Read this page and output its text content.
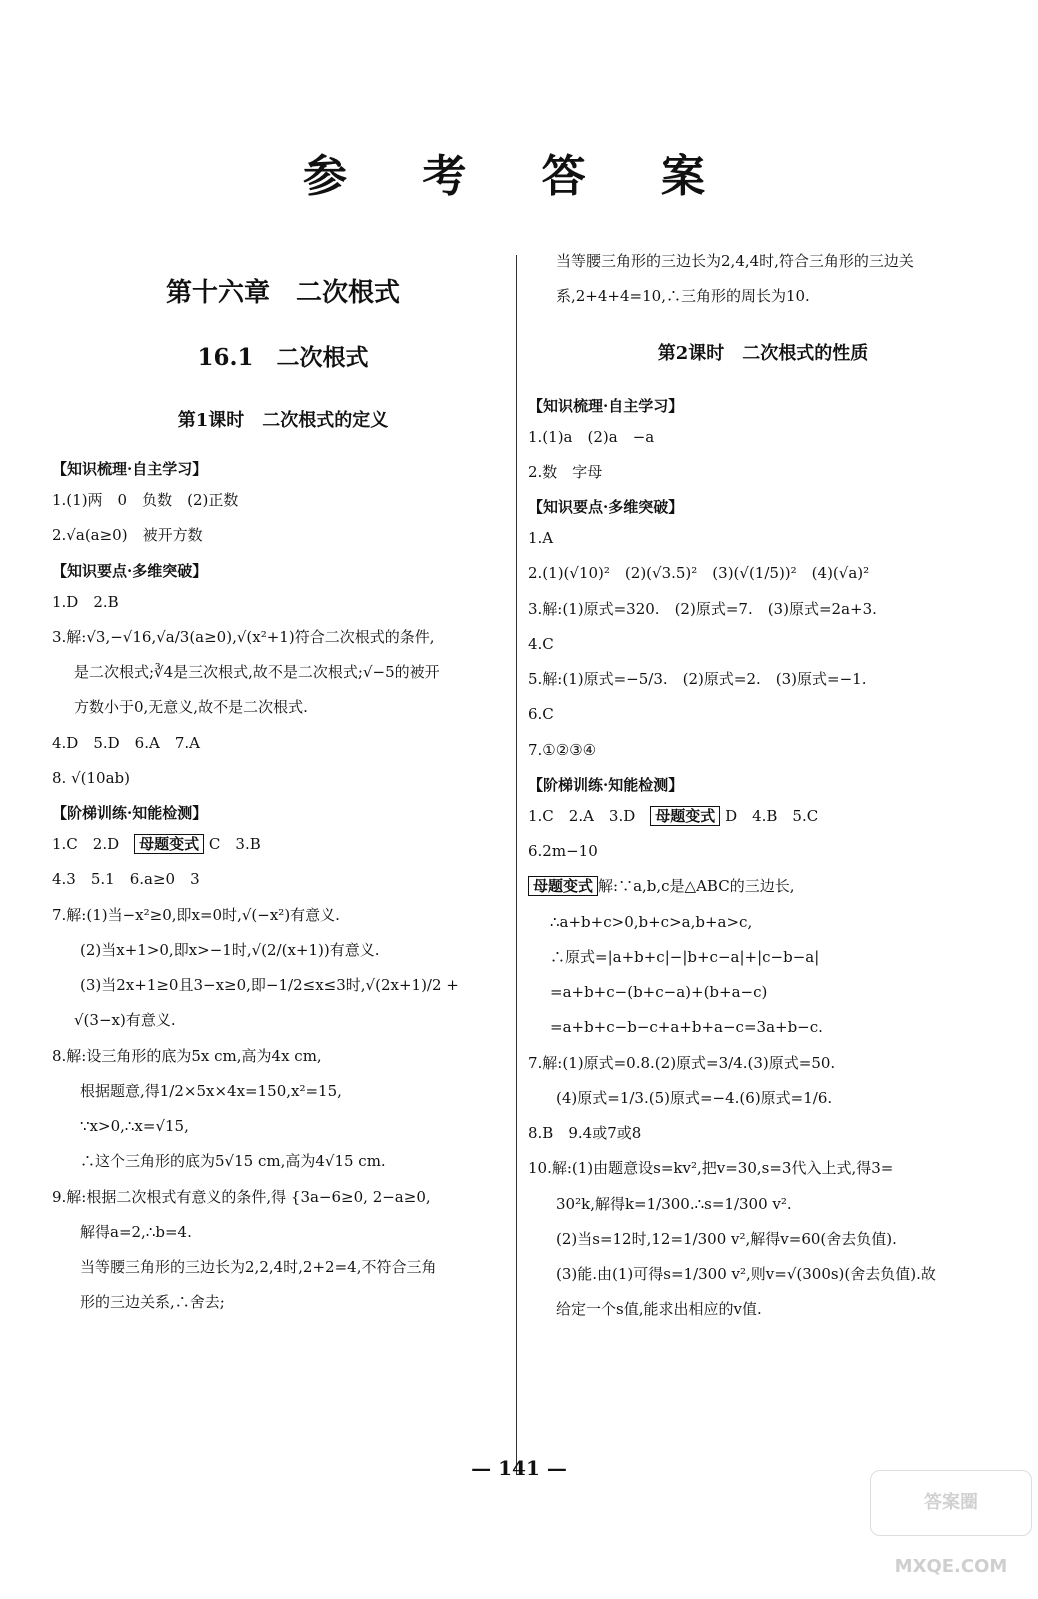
参 考 答 案
第十六章　二次根式
16.1　二次根式
第1课时　二次根式的定义
【知识梳理·自主学习】
1.(1)两　0　负数　(2)正数
2.√a(a≥0)　被开方数
【知识要点·多维突破】
1.D　2.B
3.解:√3,−√16,√a/3(a≥0),√(x²+1)符合二次根式的条件,
是二次根式;∛4是三次根式,故不是二次根式;√−5的被开
方数小于0,无意义,故不是二次根式.
4.D　5.D　6.A　7.A
8. √(10ab)
【阶梯训练·知能检测】
1.C　2.D　母题变式 C　3.B
4.3　5.1　6.a≥0　3
7.解:(1)当−x²≥0,即x=0时,√(−x²)有意义.
(2)当x+1>0,即x>−1时,√(2/(x+1))有意义.
(3)当2x+1≥0且3−x≥0,即−1/2≤x≤3时,√(2x+1)/2 +
√(3−x)有意义.
8.解:设三角形的底为5x cm,高为4x cm,
根据题意,得1/2×5x×4x=150,x²=15,
∵x>0,∴x=√15,
∴这个三角形的底为5√15 cm,高为4√15 cm.
9.解:根据二次根式有意义的条件,得 {3a−6≥0, 2−a≥0,
解得a=2,∴b=4.
当等腰三角形的三边长为2,2,4时,2+2=4,不符合三角
形的三边关系,∴舍去;
当等腰三角形的三边长为2,4,4时,符合三角形的三边关
系,2+4+4=10,∴三角形的周长为10.
第2课时　二次根式的性质
【知识梳理·自主学习】
1.(1)a　(2)a　−a
2.数　字母
【知识要点·多维突破】
1.A
2.(1)(√10)²　(2)(√3.5)²　(3)(√(1/5))²　(4)(√a)²
3.解:(1)原式=320.　(2)原式=7.　(3)原式=2a+3.
4.C
5.解:(1)原式=−5/3.　(2)原式=2.　(3)原式=−1.
6.C
7.①②③④
【阶梯训练·知能检测】
1.C　2.A　3.D　母题变式 D　4.B　5.C
6.2m−10
母题变式 解:∵a,b,c是△ABC的三边长,
∴a+b+c>0,b+c>a,b+a>c,
∴原式=|a+b+c|−|b+c−a|+|c−b−a|
=a+b+c−(b+c−a)+(b+a−c)
=a+b+c−b−c+a+b+a−c=3a+b−c.
7.解:(1)原式=0.8.(2)原式=3/4.(3)原式=50.
(4)原式=1/3.(5)原式=−4.(6)原式=1/6.
8.B　9.4或7或8
10.解:(1)由题意设s=kv²,把v=30,s=3代入上式,得3=
30²k,解得k=1/300.∴s=1/300 v².
(2)当s=12时,12=1/300 v²,解得v=60(舍去负值).
(3)能.由(1)可得s=1/300 v²,则v=√(300s)(舍去负值).故
给定一个s值,能求出相应的v值.
— 141 —
答案圈 MXQE.COM
